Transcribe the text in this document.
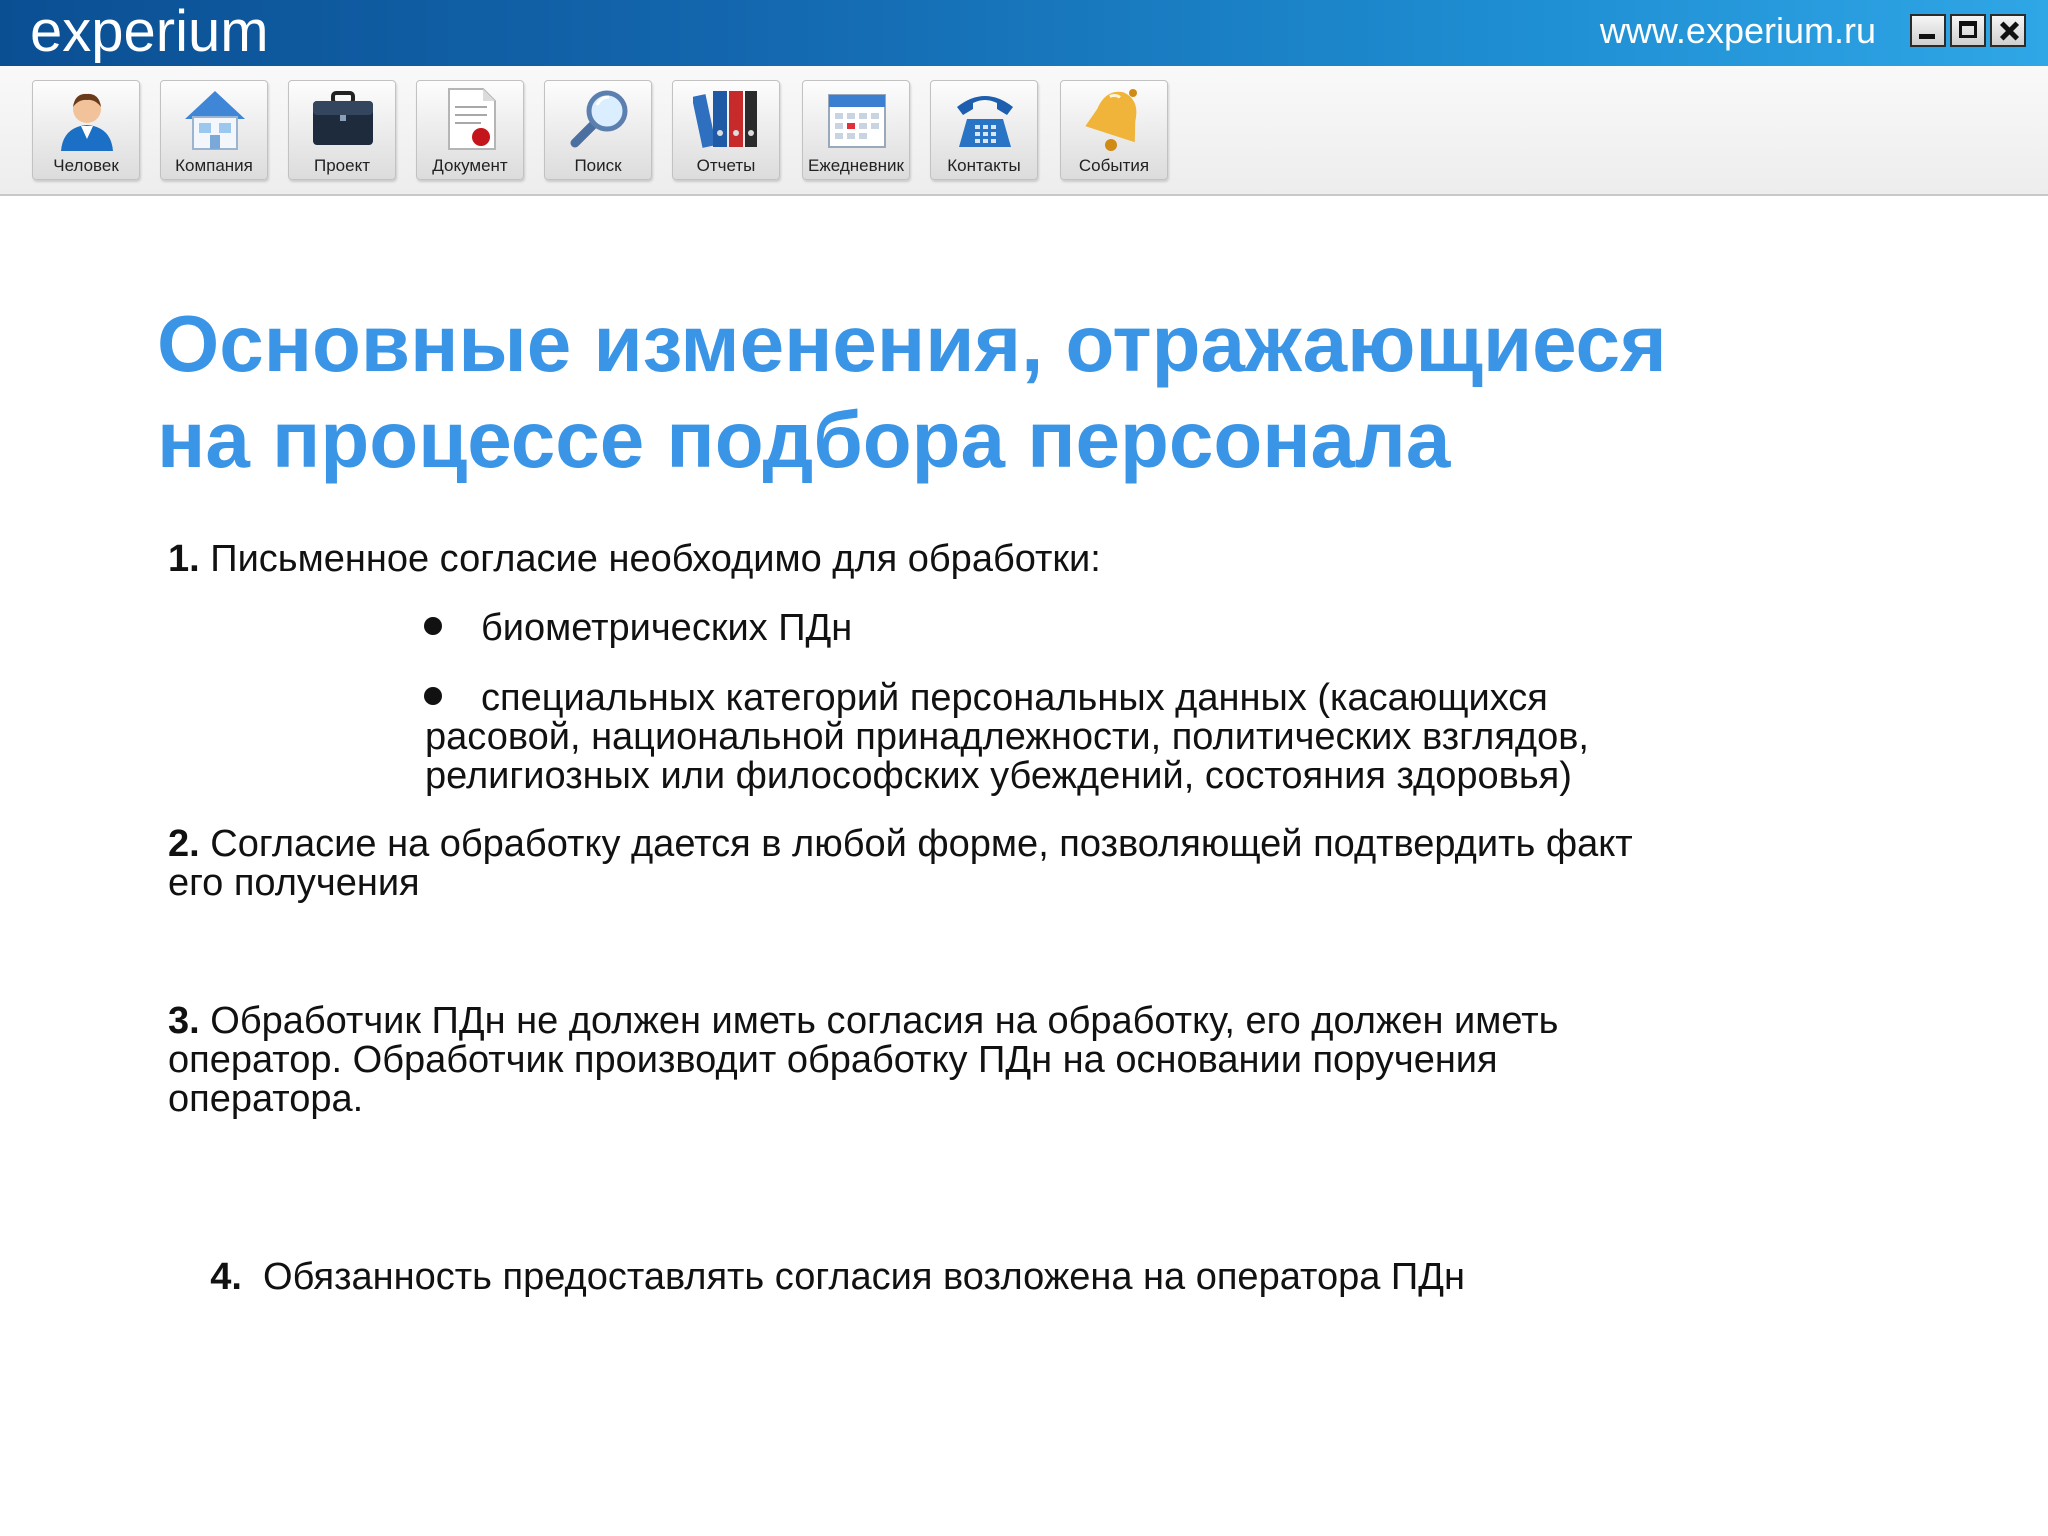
experium	www.experium.ru
Человек	Компания	Проект	Документ	Поиск	Отчеты	Ежедневник	Контакты	События
Основные изменения, отражающиеся
на процессе подбора персонала
1. Письменное согласие необходимо для обработки:
биометрических ПДн
специальных категорий персональных данных (касающихся
расовой, национальной принадлежности, политических взглядов,
религиозных или философских убеждений, состояния здоровья)
2. Согласие на обработку дается в любой форме, позволяющей подтвердить факт
его получения
3. Обработчик ПДн не должен иметь согласия на обработку, его должен иметь
оператор. Обработчик производит обработку ПДн на основании поручения
оператора.

4.  Обязанность предоставлять согласия возложена на оператора ПДн
